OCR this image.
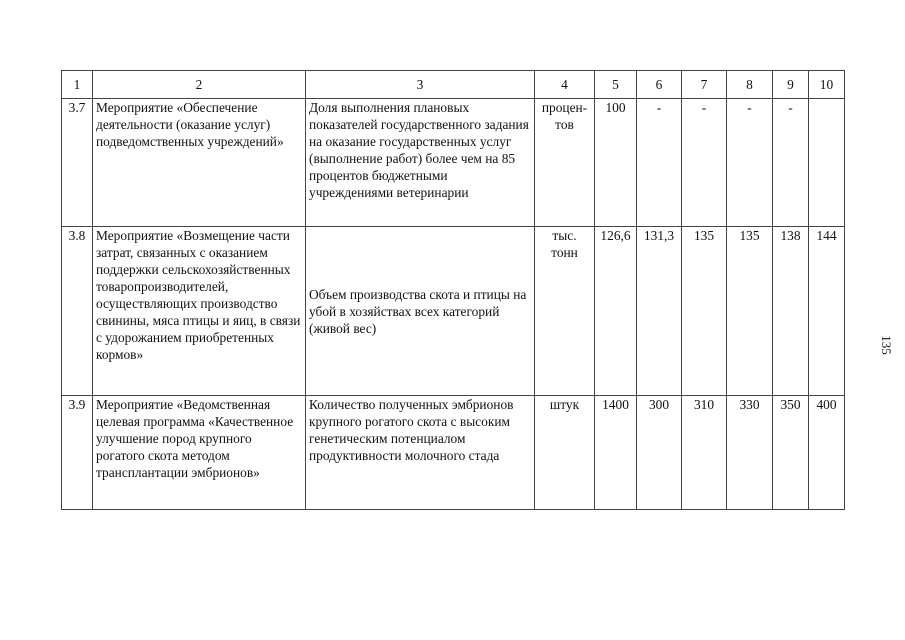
1	2	3	4	5	6	7	8	9	10
3.7	Мероприятие «Обеспечение деятельности (оказание услуг) подведомственных учреждений»	Доля выполнения плановых показателей государственного задания на оказание государственных услуг (выполнение работ) более чем на 85 процентов бюджетными учреждениями ветеринарии	процен-тов	100	-	-	-	-	
3.8	Мероприятие «Возмещение части затрат, связанных с оказанием поддержки сельскохозяйственных товаропроизводителей, осуществляющих производство свинины, мяса птицы и яиц, в связи с удорожанием приобретенных кормов»	Объем производства скота и птицы на убой в хозяйствах всех категорий (живой вес)	тыс. тонн	126,6	131,3	135	135	138	144
3.9	Мероприятие «Ведомственная целевая программа «Качественное улучшение пород крупного рогатого скота методом трансплантации эмбрионов»	Количество полученных эмбрионов крупного рогатого скота с высоким генетическим потенциалом продуктивности молочного стада	штук	1400	300	310	330	350	400
135
